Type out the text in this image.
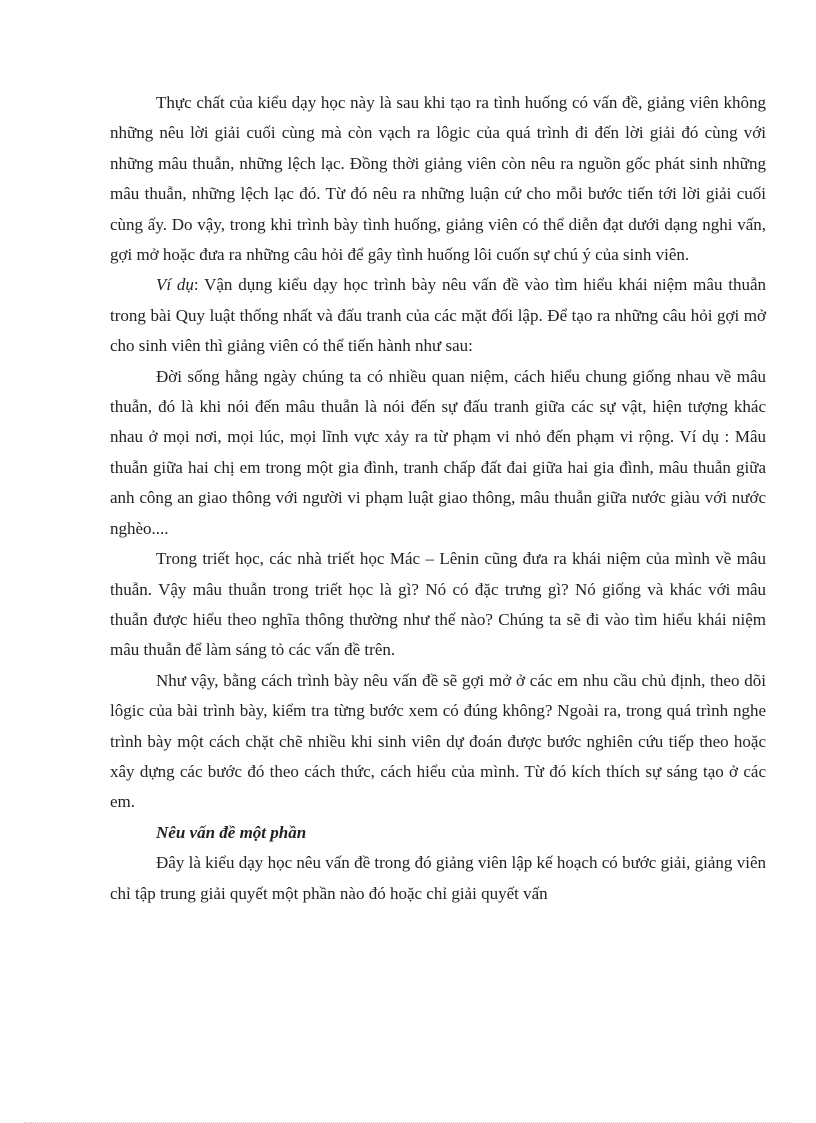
Thực chất của kiểu dạy học này là sau khi tạo ra tình huống có vấn đề, giảng viên không những nêu lời giải cuối cùng mà còn vạch ra lôgic của quá trình đi đến lời giải đó cùng với những mâu thuẫn, những lệch lạc. Đồng thời giảng viên còn nêu ra nguồn gốc phát sinh những mâu thuẫn, những lệch lạc đó. Từ đó nêu ra những luận cứ cho mỗi bước tiến tới lời giải cuối cùng ấy. Do vậy, trong khi trình bày tình huống, giảng viên có thể diễn đạt dưới dạng nghi vấn, gợi mở hoặc đưa ra những câu hỏi để gây tình huống lôi cuốn sự chú ý của sinh viên.

Ví dụ: Vận dụng kiểu dạy học trình bày nêu vấn đề vào tìm hiểu khái niệm mâu thuẫn trong bài Quy luật thống nhất và đấu tranh của các mặt đối lập. Để tạo ra những câu hỏi gợi mở cho sinh viên thì giảng viên có thể tiến hành như sau:

Đời sống hằng ngày chúng ta có nhiều quan niệm, cách hiểu chung giống nhau về mâu thuẫn, đó là khi nói đến mâu thuẫn là nói đến sự đấu tranh giữa các sự vật, hiện tượng khác nhau ở mọi nơi, mọi lúc, mọi lĩnh vực xảy ra từ phạm vi nhỏ đến phạm vi rộng. Ví dụ : Mâu thuẫn giữa hai chị em trong một gia đình, tranh chấp đất đai giữa hai gia đình, mâu thuẫn giữa anh công an giao thông với người vi phạm luật giao thông, mâu thuẫn giữa nước giàu với nước nghèo....

Trong triết học, các nhà triết học Mác – Lênin cũng đưa ra khái niệm của mình về mâu thuẫn. Vậy mâu thuẫn trong triết học là gì? Nó có đặc trưng gì? Nó giống và khác với mâu thuẫn được hiểu theo nghĩa thông thường như thế nào? Chúng ta sẽ đi vào tìm hiểu khái niệm mâu thuẫn để làm sáng tỏ các vấn đề trên.

Như vậy, bằng cách trình bày nêu vấn đề sẽ gợi mở ở các em nhu cầu chủ định, theo dõi lôgic của bài trình bày, kiểm tra từng bước xem có đúng không? Ngoài ra, trong quá trình nghe trình bày một cách chặt chẽ nhiều khi sinh viên dự đoán được bước nghiên cứu tiếp theo hoặc xây dựng các bước đó theo cách thức, cách hiểu của mình. Từ đó kích thích sự sáng tạo ở các em.

Nêu vấn đề một phần

Đây là kiểu dạy học nêu vấn đề trong đó giảng viên lập kế hoạch có bước giải, giảng viên chỉ tập trung giải quyết một phần nào đó hoặc chỉ giải quyết vấn
